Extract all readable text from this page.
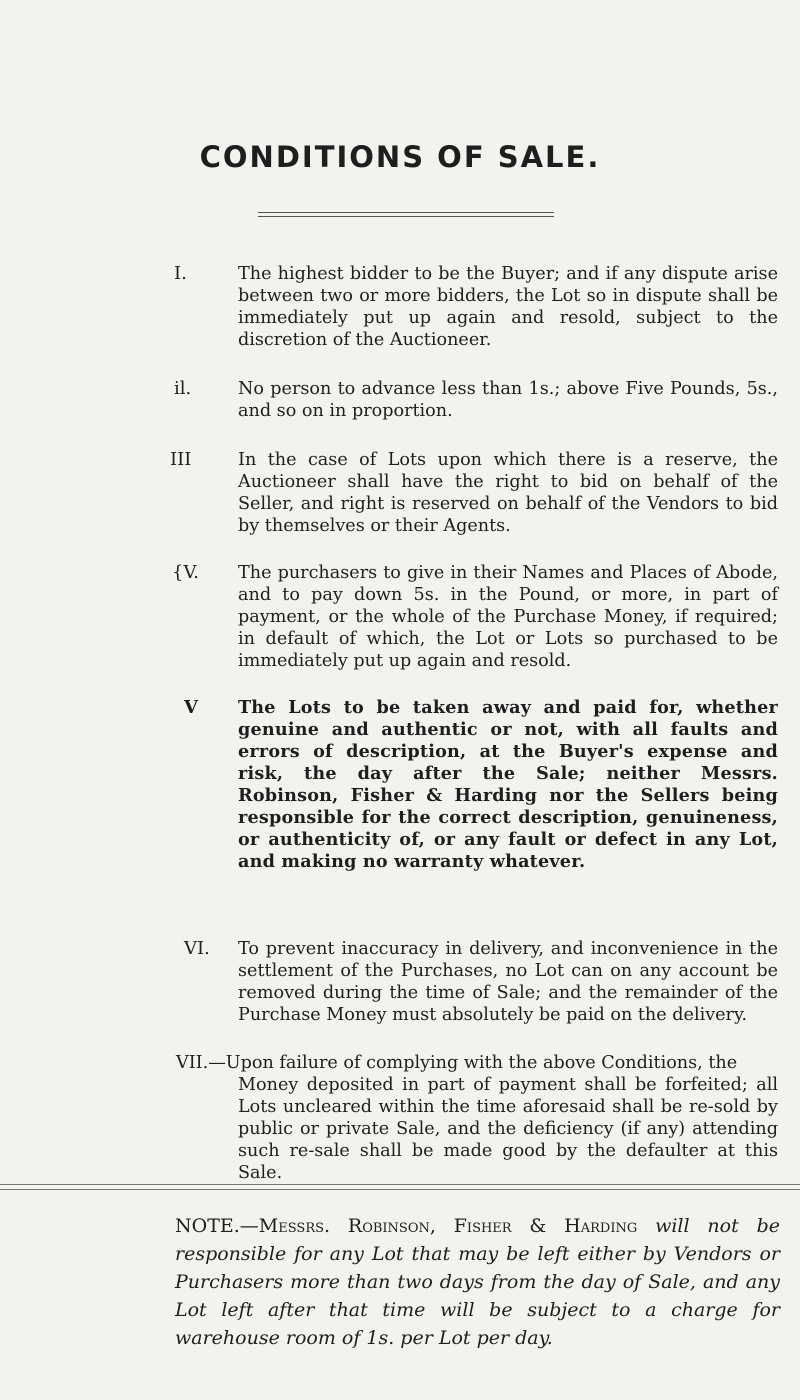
CONDITIONS OF SALE.
I.	The highest bidder to be the Buyer; and if any dispute arise between two or more bidders, the Lot so in dispute shall be immediately put up again and resold, subject to the discretion of the Auctioneer.

il.	No person to advance less than 1s.; above Five Pounds, 5s., and so on in proportion.

III	In the case of Lots upon which there is a reserve, the Auctioneer shall have the right to bid on behalf of the Seller, and right is reserved on behalf of the Vendors to bid by themselves or their Agents.

{V. The purchasers to give in their Names and Places of Abode, and to pay down 5s. in the Pound, or more, in part of payment, or the whole of the Purchase Money, if required; in default of which, the Lot or Lots so purchased to be immediately put up again and resold.

V The Lots to be taken away and paid for, whether genuine and authentic or not, with all faults and errors of description, at the Buyer's expense and risk, the day after the Sale; neither Messrs. Robinson, Fisher & Harding nor the Sellers being responsible for the correct description, genuineness, or authenticity of, or any fault or defect in any Lot, and making no warranty whatever.

VI. To prevent inaccuracy in delivery, and inconvenience in the settlement of the Purchases, no Lot can on any account be removed during the time of Sale; and the remainder of the Purchase Money must absolutely be paid on the delivery.

VII.—Upon failure of complying with the above Conditions, the

Money deposited in part of payment shall be forfeited; all Lots uncleared within the time aforesaid shall be re-sold by public or private Sale, and the deficiency (if any) attending such re-sale shall be made good by the defaulter at this Sale.

NOTE.—Messrs. Robinson, Fisher & Harding will not be responsible for any Lot that may be left either by Vendors or Purchasers more than two days from the day of Sale, and any Lot left after that time will be subject to a charge for warehouse room of 1s. per Lot per day.
